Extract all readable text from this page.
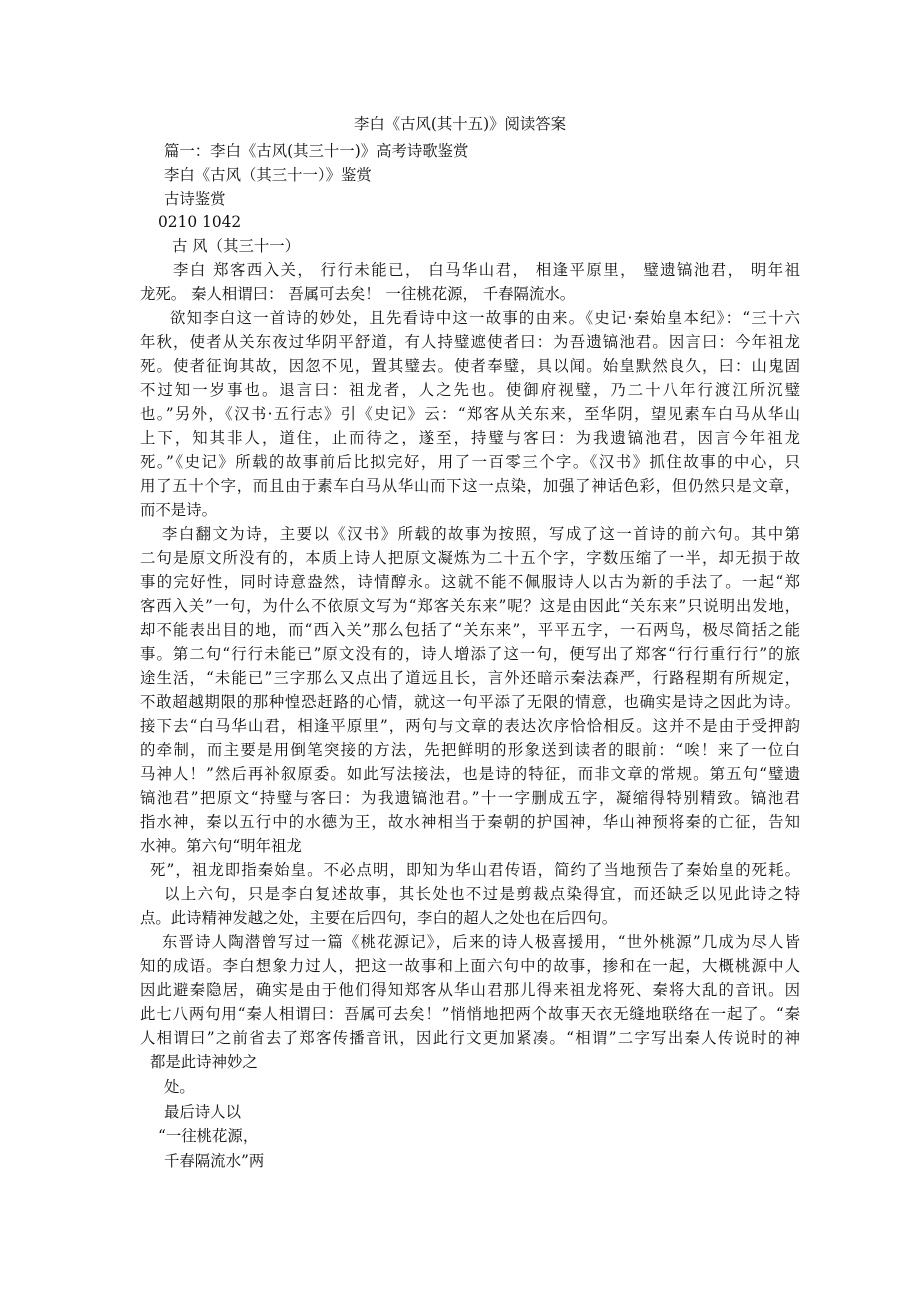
李白《古风(其十五)》阅读答案
篇一：李白《古风(其三十一)》高考诗歌鉴赏
李白《古风（其三十一）》鉴赏
古诗鉴赏
0210 1042
古 风（其三十一）
李白 郑客西入关， 行行未能已， 白马华山君， 相逢平原里， 璧遗镐池君， 明年祖
龙死。 秦人相谓曰： 吾属可去矣！ 一往桃花源， 千春隔流水。
欲知李白这一首诗的妙处，且先看诗中这一故事的由来。《史记·秦始皇本纪》：“三十六
年秋，使者从关东夜过华阴平舒道，有人持璧遮使者曰：为吾遗镐池君。因言曰：今年祖龙
死。使者征询其故，因忽不见，置其璧去。使者奉璧，具以闻。始皇默然良久，曰：山鬼固
不过知一岁事也。退言曰：祖龙者，人之先也。使御府视璧，乃二十八年行渡江所沉璧
也。”另外，《汉书·五行志》引《史记》云：“郑客从关东来，至华阴，望见素车白马从华山
上下，知其非人，道住，止而待之，遂至，持璧与客曰：为我遗镐池君，因言今年祖龙
死。”《史记》所载的故事前后比拟完好，用了一百零三个字。《汉书》抓住故事的中心，只
用了五十个字，而且由于素车白马从华山而下这一点染，加强了神话色彩，但仍然只是文章，
而不是诗。
李白翻文为诗，主要以《汉书》所载的故事为按照，写成了这一首诗的前六句。其中第
二句是原文所没有的，本质上诗人把原文凝炼为二十五个字，字数压缩了一半，却无损于故
事的完好性，同时诗意盎然，诗情醇永。这就不能不佩服诗人以古为新的手法了。一起“郑
客西入关”一句，为什么不依原文写为“郑客关东来”呢？这是由因此“关东来”只说明出发地，
却不能表出目的地，而“西入关”那么包括了“关东来”，平平五字，一石两鸟，极尽简括之能
事。第二句“行行未能已”原文没有的，诗人增添了这一句，便写出了郑客“行行重行行”的旅
途生活，“未能已”三字那么又点出了道远且长，言外还暗示秦法森严，行路程期有所规定，
不敢超越期限的那种惶恐赶路的心情，就这一句平添了无限的情意，也确实是诗之因此为诗。
接下去“白马华山君，相逢平原里”，两句与文章的表达次序恰恰相反。这并不是由于受押韵
的牵制，而主要是用倒笔突接的方法，先把鲜明的形象送到读者的眼前：“唉！来了一位白
马神人！”然后再补叙原委。如此写法接法，也是诗的特征，而非文章的常规。第五句“璧遗
镐池君”把原文“持璧与客曰：为我遗镐池君。”十一字删成五字，凝缩得特别精致。镐池君
指水神，秦以五行中的水德为王，故水神相当于秦朝的护国神，华山神预将秦的亡征，告知
水神。第六句“明年祖龙
死”，祖龙即指秦始皇。不必点明，即知为华山君传语，简约了当地预告了秦始皇的死耗。
以上六句，只是李白复述故事，其长处也不过是剪裁点染得宜，而还缺乏以见此诗之特
点。此诗精神发越之处，主要在后四句，李白的超人之处也在后四句。
东晋诗人陶潜曾写过一篇《桃花源记》，后来的诗人极喜援用，“世外桃源”几成为尽人皆
知的成语。李白想象力过人，把这一故事和上面六句中的故事，掺和在一起，大概桃源中人
因此避秦隐居，确实是由于他们得知郑客从华山君那儿得来祖龙将死、秦将大乱的音讯。因
此七八两句用“秦人相谓曰：吾属可去矣！”悄悄地把两个故事天衣无缝地联络在一起了。“秦
人相谓曰”之前省去了郑客传播音讯，因此行文更加紧凑。“相谓”二字写出秦人传说时的神
都是此诗神妙之
处。
最后诗人以
“一往桃花源，
千春隔流水”两
